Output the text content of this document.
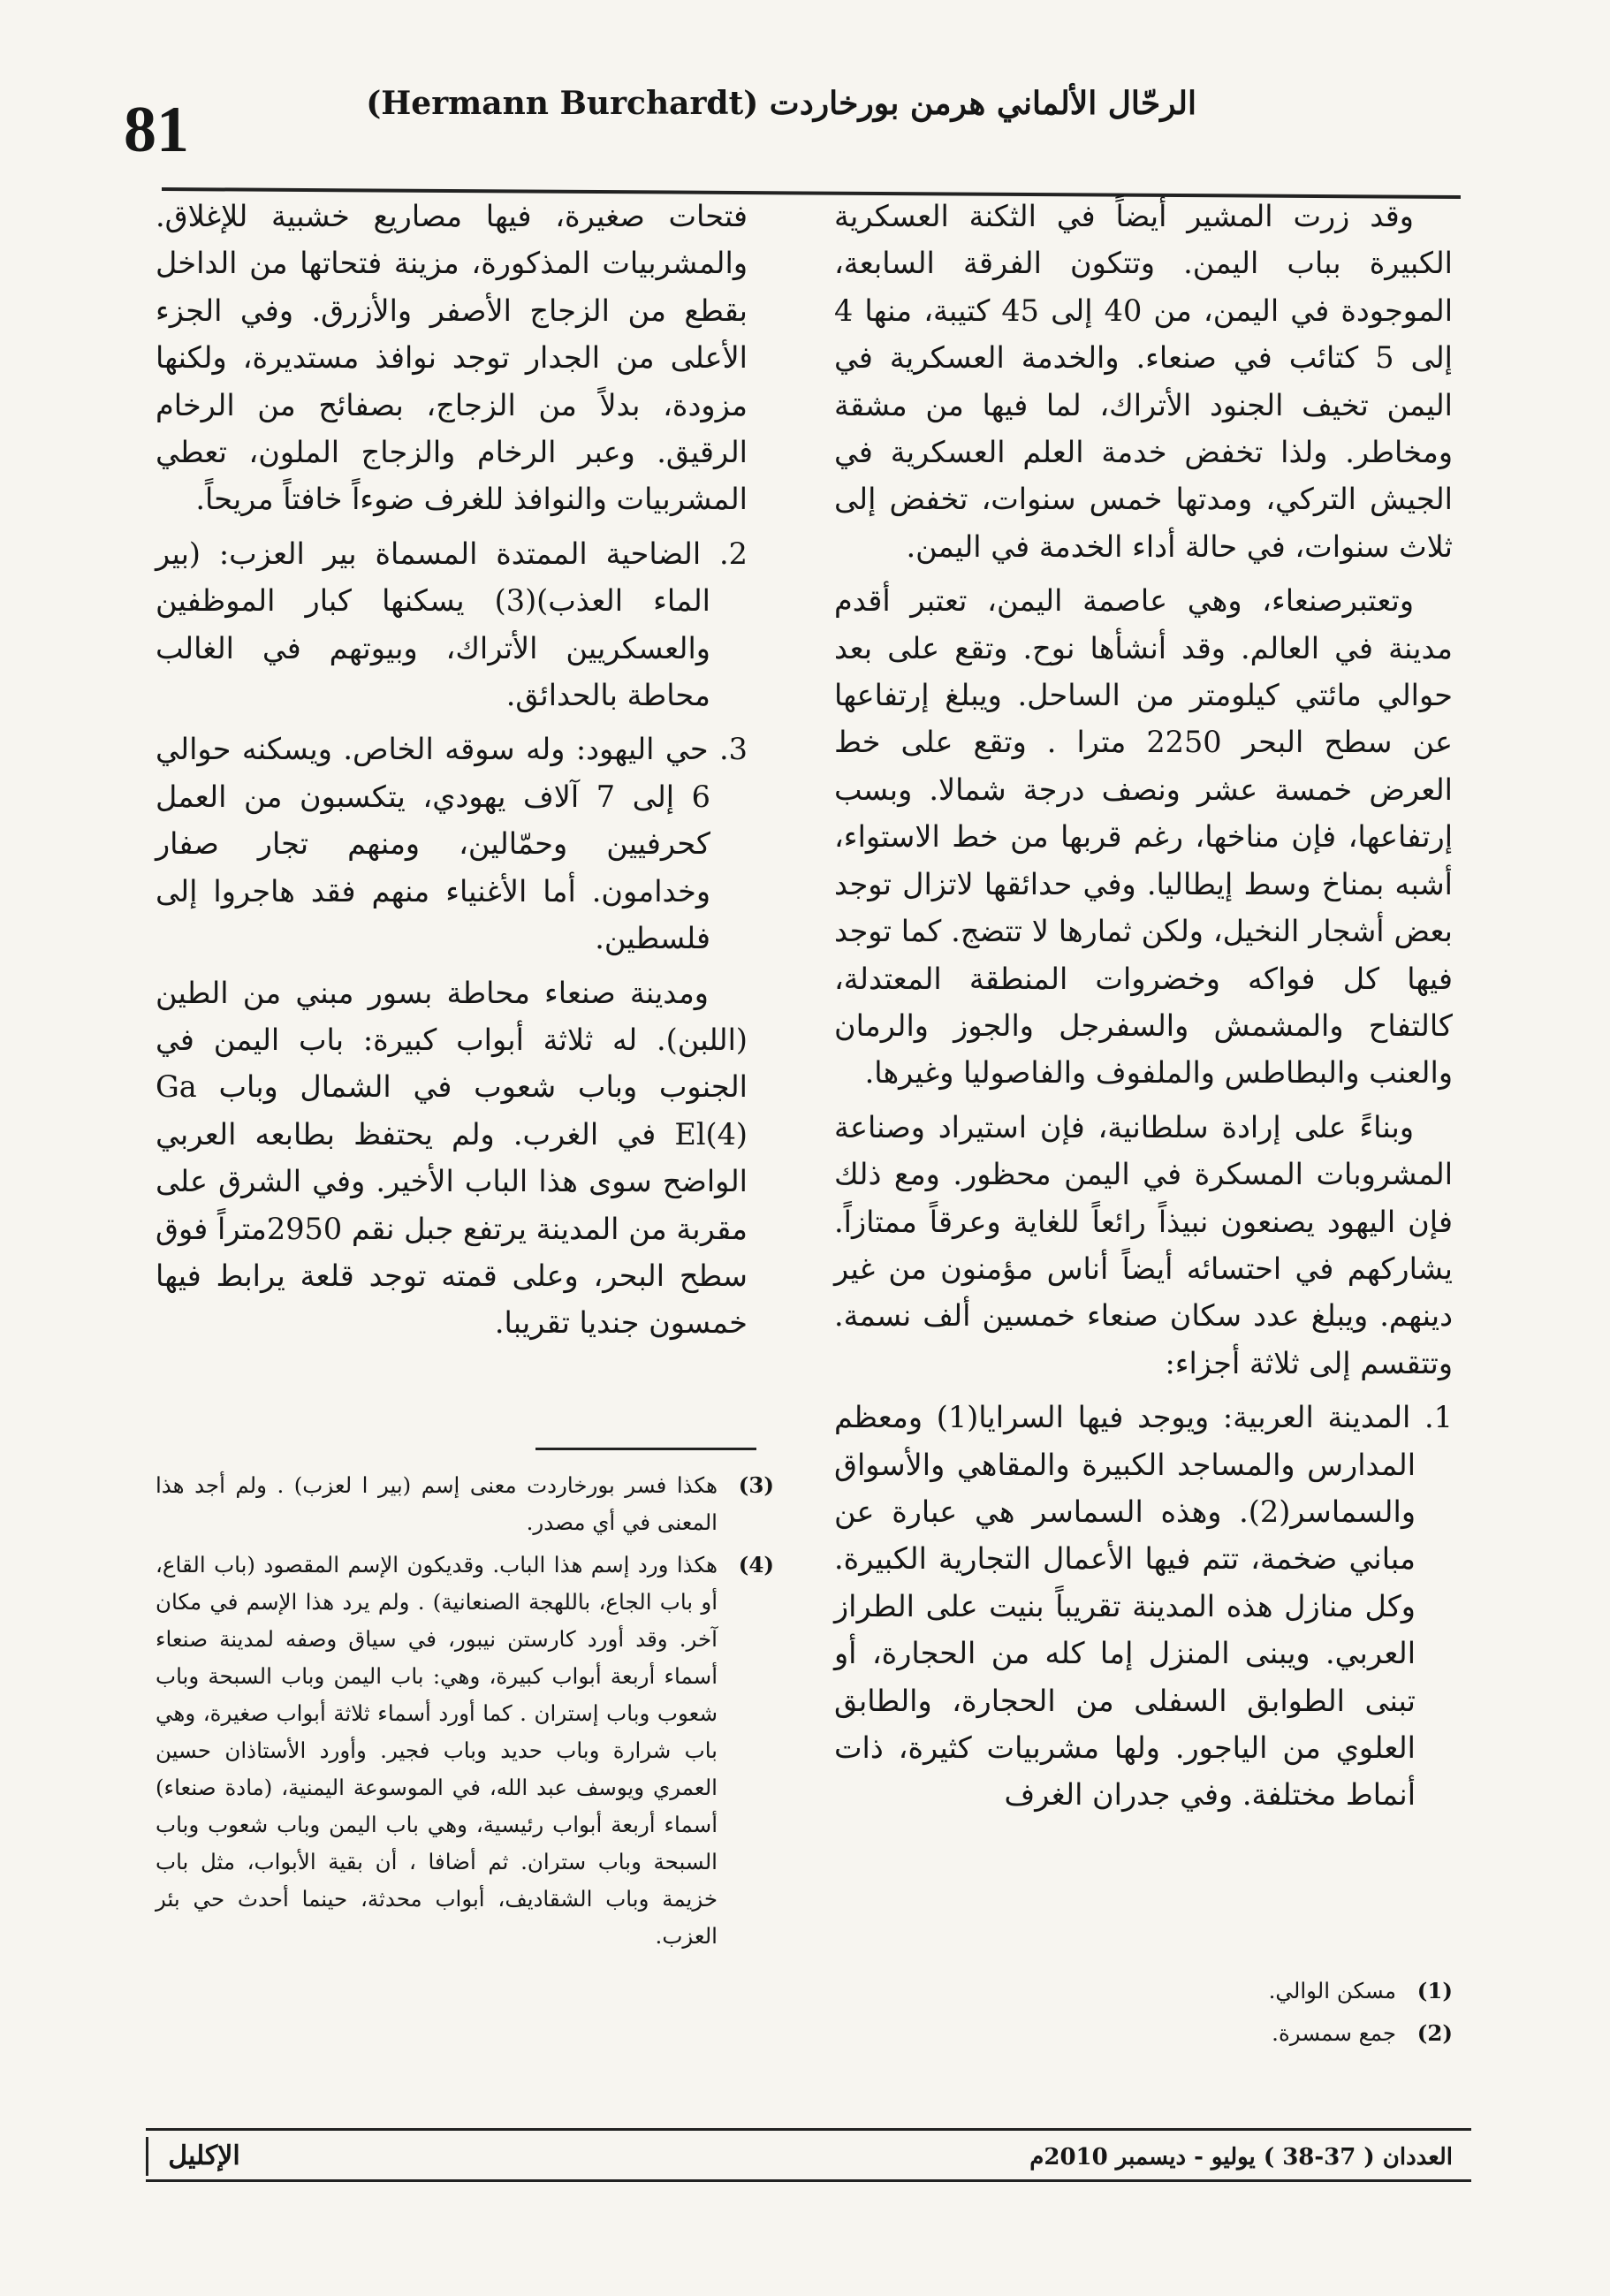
81	الرحّال الألماني هرمن بورخاردت (Hermann Burchardt)

وقد زرت المشير أيضاً في الثكنة العسكرية الكبيرة بباب اليمن. وتتكون الفرقة السابعة، الموجودة في اليمن، من 40 إلى 45 كتيبة، منها 4 إلى 5 كتائب في صنعاء. والخدمة العسكرية في اليمن تخيف الجنود الأتراك، لما فيها من مشقة ومخاطر. ولذا تخفض خدمة العلم العسكرية في الجيش التركي، ومدتها خمس سنوات، تخفض إلى ثلاث سنوات، في حالة أداء الخدمة في اليمن.

وتعتبرصنعاء، وهي عاصمة اليمن، تعتبر أقدم مدينة في العالم. وقد أنشأها نوح. وتقع على بعد حوالي مائتي كيلومتر من الساحل. ويبلغ إرتفاعها عن سطح البحر 2250 مترا . وتقع على خط العرض خمسة عشر ونصف درجة شمالا. وبسب إرتفاعها، فإن مناخها، رغم قربها من خط الاستواء، أشبه بمناخ وسط إيطاليا. وفي حدائقها لاتزال توجد بعض أشجار النخيل، ولكن ثمارها لا تتضج. كما توجد فيها كل فواكه وخضروات المنطقة المعتدلة، كالتفاح والمشمش والسفرجل والجوز والرمان والعنب والبطاطس والملفوف والفاصوليا وغيرها.

وبناءً على إرادة سلطانية، فإن استيراد وصناعة المشروبات المسكرة في اليمن محظور. ومع ذلك فإن اليهود يصنعون نبيذاً رائعاً للغاية وعرقاً ممتازاً. يشاركهم في احتسائه أيضاً أناس مؤمنون من غير دينهم. ويبلغ عدد سكان صنعاء خمسين ألف نسمة. وتتقسم إلى ثلاثة أجزاء:

1. المدينة العربية: ويوجد فيها السرايا(1) ومعظم المدارس والمساجد الكبيرة والمقاهي والأسواق والسماسر(2). وهذه السماسر هي عبارة عن مباني ضخمة، تتم فيها الأعمال التجارية الكبيرة. وكل منازل هذه المدينة تقريباً بنيت على الطراز العربي. ويبنى المنزل إما كله من الحجارة، أو تبنى الطوابق السفلى من الحجارة، والطابق العلوي من الياجور. ولها مشربيات كثيرة، ذات أنماط مختلفة. وفي جدران الغرف

فتحات صغيرة، فيها مصاريع خشبية للإغلاق. والمشربيات المذكورة، مزينة فتحاتها من الداخل بقطع من الزجاج الأصفر والأزرق. وفي الجزء الأعلى من الجدار توجد نوافذ مستديرة، ولكنها مزودة، بدلاً من الزجاج، بصفائح من الرخام الرقيق. وعبر الرخام والزجاج الملون، تعطي المشربيات والنوافذ للغرف ضوءاً خافتاً مريحاً.

2. الضاحية الممتدة المسماة بير العزب: (بير الماء العذب)(3) يسكنها كبار الموظفين والعسكريين الأتراك، وبيوتهم في الغالب محاطة بالحدائق.

3. حي اليهود: وله سوقه الخاص. ويسكنه حوالي 6 إلى 7 آلاف يهودي، يتكسبون من العمل كحرفيين وحمّالين، ومنهم تجار صفار وخدامون. أما الأغنياء منهم فقد هاجروا إلى فلسطين.

ومدينة صنعاء محاطة بسور مبني من الطين (اللبن). له ثلاثة أبواب كبيرة: باب اليمن في الجنوب وباب شعوب في الشمال وباب Ga El(4) في الغرب. ولم يحتفظ بطابعه العربي الواضح سوى هذا الباب الأخير. وفي الشرق على مقربة من المدينة يرتفع جبل نقم 2950متراً فوق سطح البحر، وعلى قمته توجد قلعة يرابط فيها خمسون جنديا تقريبا.

(3)
هكذا فسر بورخاردت معنى إسم (بير ا لعزب) . ولم أجد هذا المعنى في أي مصدر.
(4)
هكذا ورد إسم هذا الباب. وقديكون الإسم المقصود (باب القاع، أو باب الجاع، باللهجة الصنعانية) . ولم يرد هذا الإسم في مكان آخر. وقد أورد كارستن نيبور، في سياق وصفه لمدينة صنعاء أسماء أربعة أبواب كبيرة، وهي: باب اليمن وباب السبحة وباب شعوب وباب إستران . كما أورد أسماء ثلاثة أبواب صغيرة، وهي باب شرارة وباب حديد وباب فجير. وأورد الأستاذان حسين العمري ويوسف عبد الله، في الموسوعة اليمنية، (مادة صنعاء) أسماء أربعة أبواب رئيسية، وهي باب اليمن وباب شعوب وباب السبحة وباب ستران. ثم أضافا ، أن بقية الأبواب، مثل باب خزيمة وباب الشقاديف، أبواب محدثة، حينما أحدث حي بئر العزب.
(1)
مسكن الوالي.
(2)
جمع سمسرة.
العددان ( 37-38 ) يوليو - ديسمبر 2010م
الإكليل
